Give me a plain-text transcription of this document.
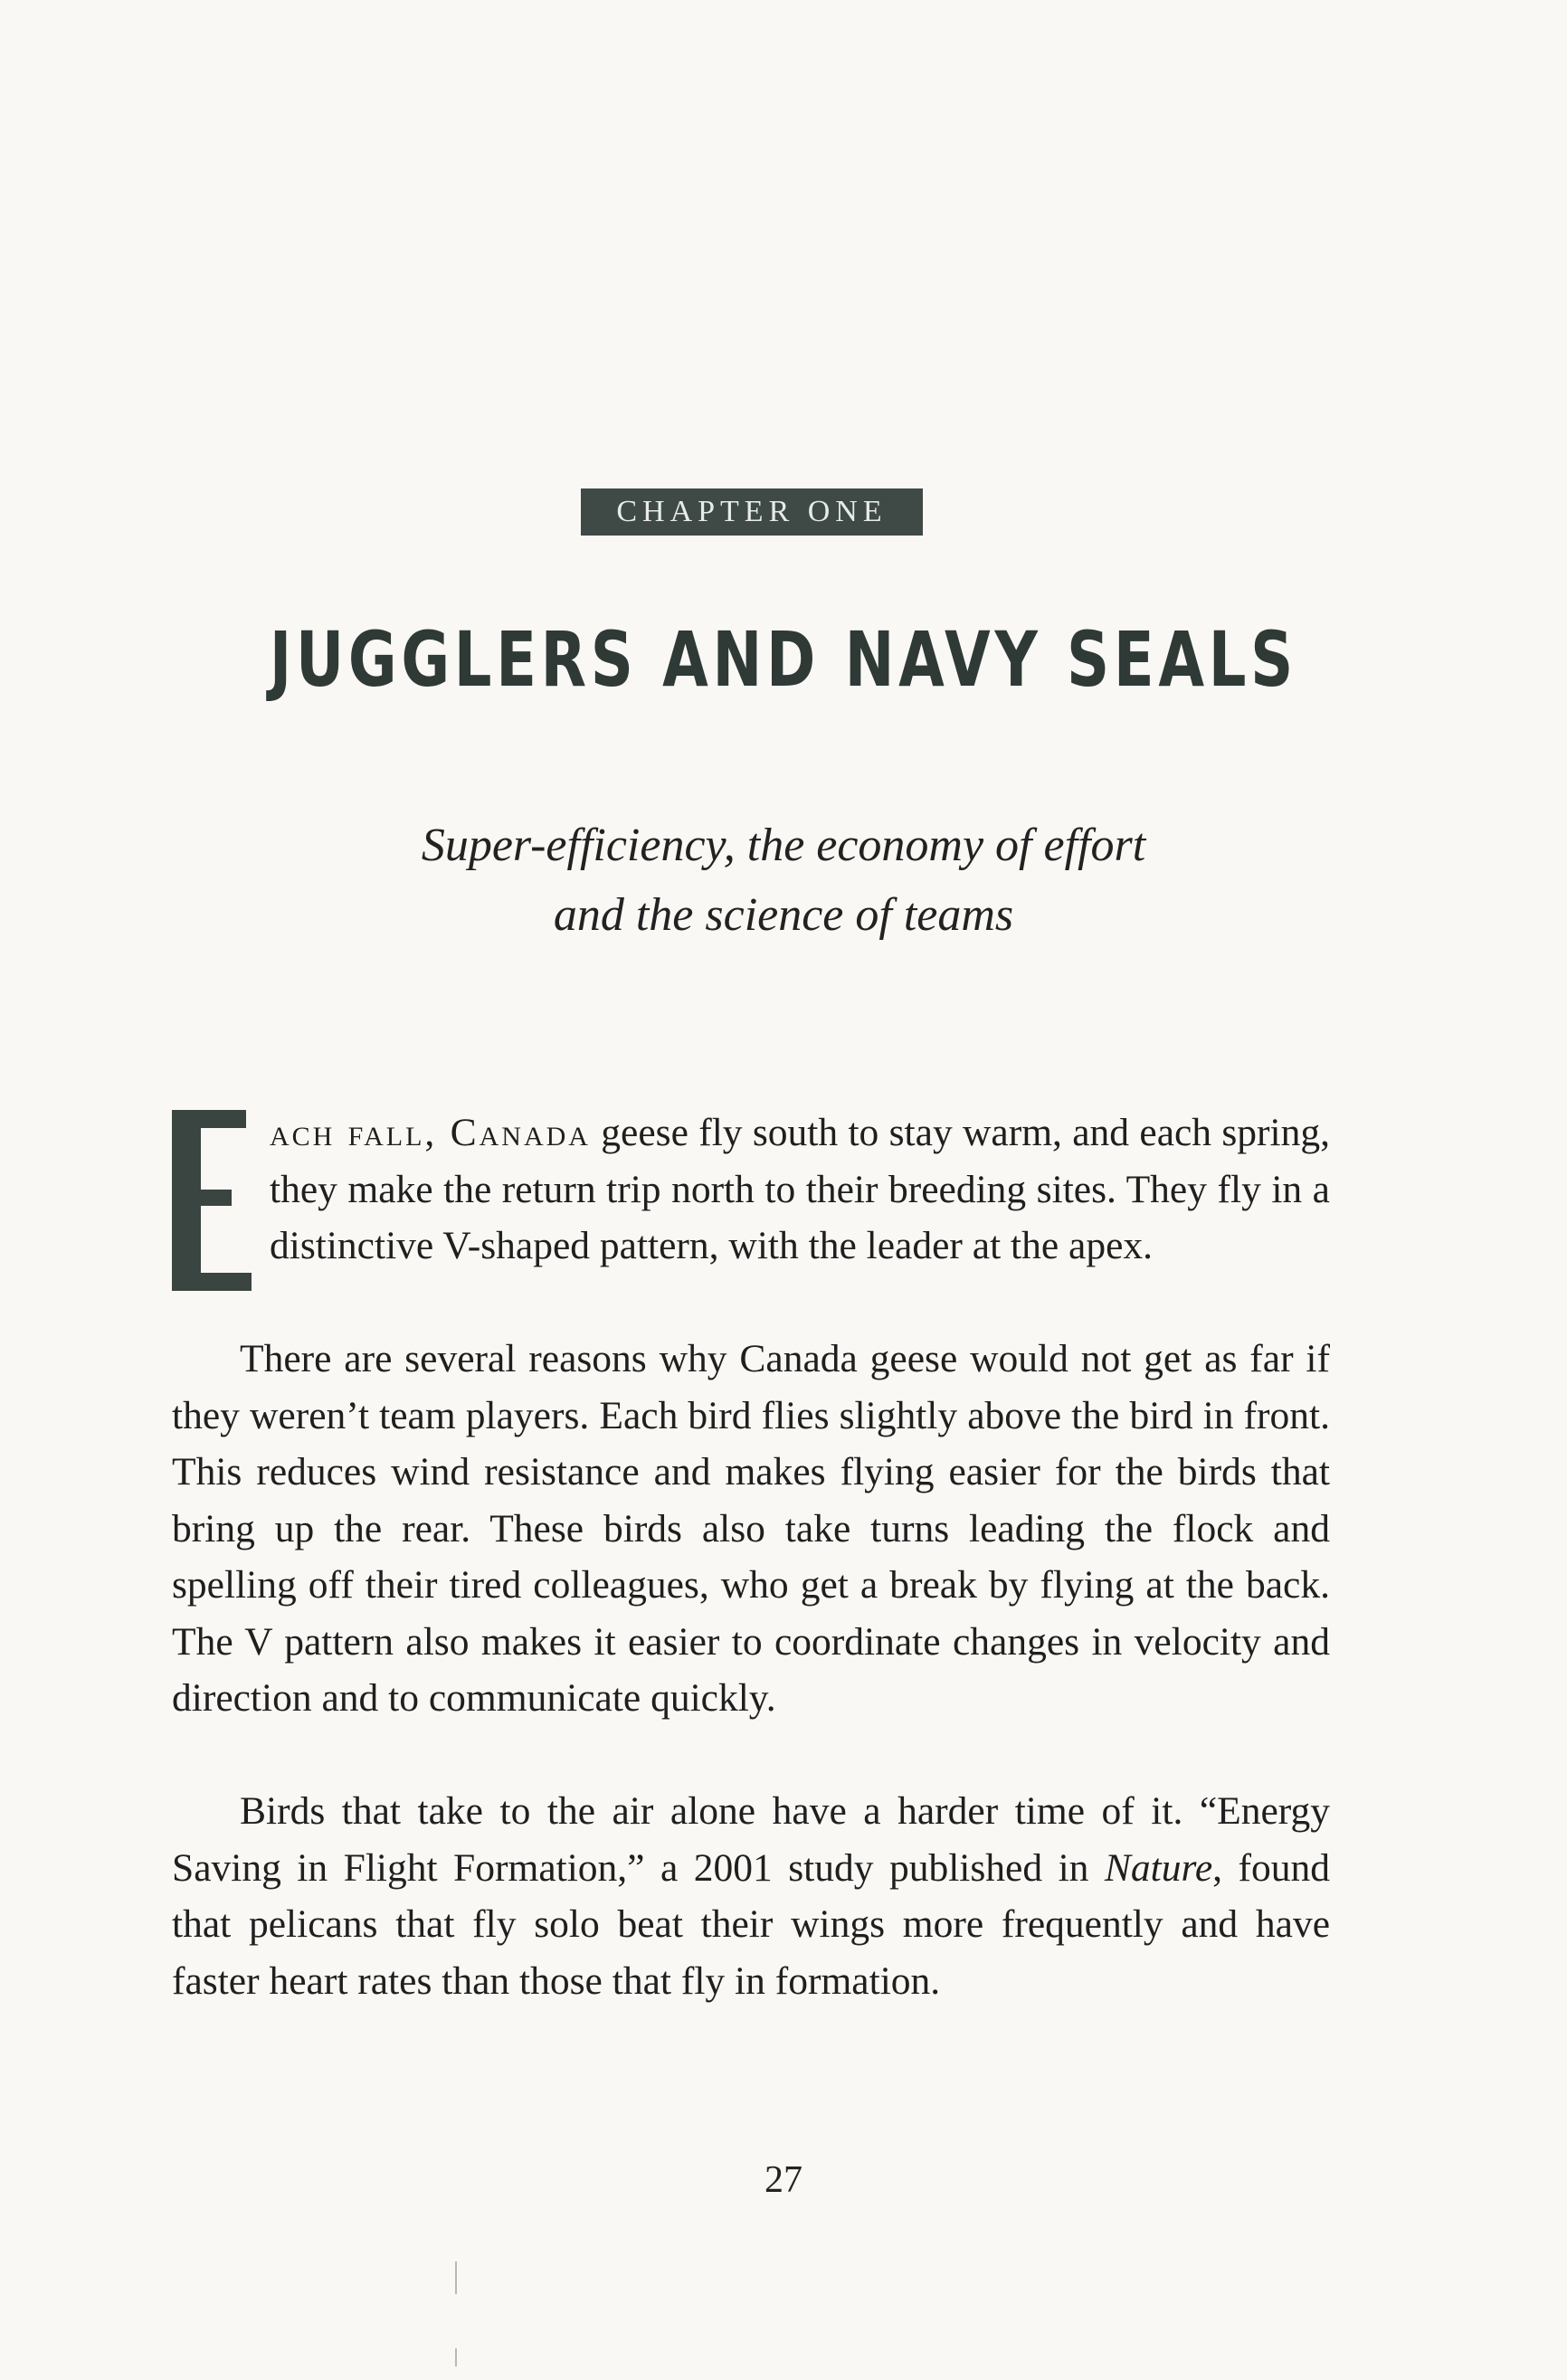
CHAPTER ONE
JUGGLERS AND NAVY SEALS
Super-efficiency, the economy of effort
and the science of teams
ach fall, Canada geese fly south to stay warm, and each spring, they make the return trip north to their breeding sites. They fly in a distinctive V-shaped pattern, with the leader at the apex.
There are several reasons why Canada geese would not get as far if they weren’t team players. Each bird flies slightly above the bird in front. This reduces wind resistance and makes flying easier for the birds that bring up the rear. These birds also take turns leading the flock and spelling off their tired colleagues, who get a break by flying at the back. The V pattern also makes it easier to coordinate changes in velocity and direction and to communicate quickly.
Birds that take to the air alone have a harder time of it. “Energy Saving in Flight Formation,” a 2001 study published in Nature, found that pelicans that fly solo beat their wings more frequently and have faster heart rates than those that fly in formation.
27
